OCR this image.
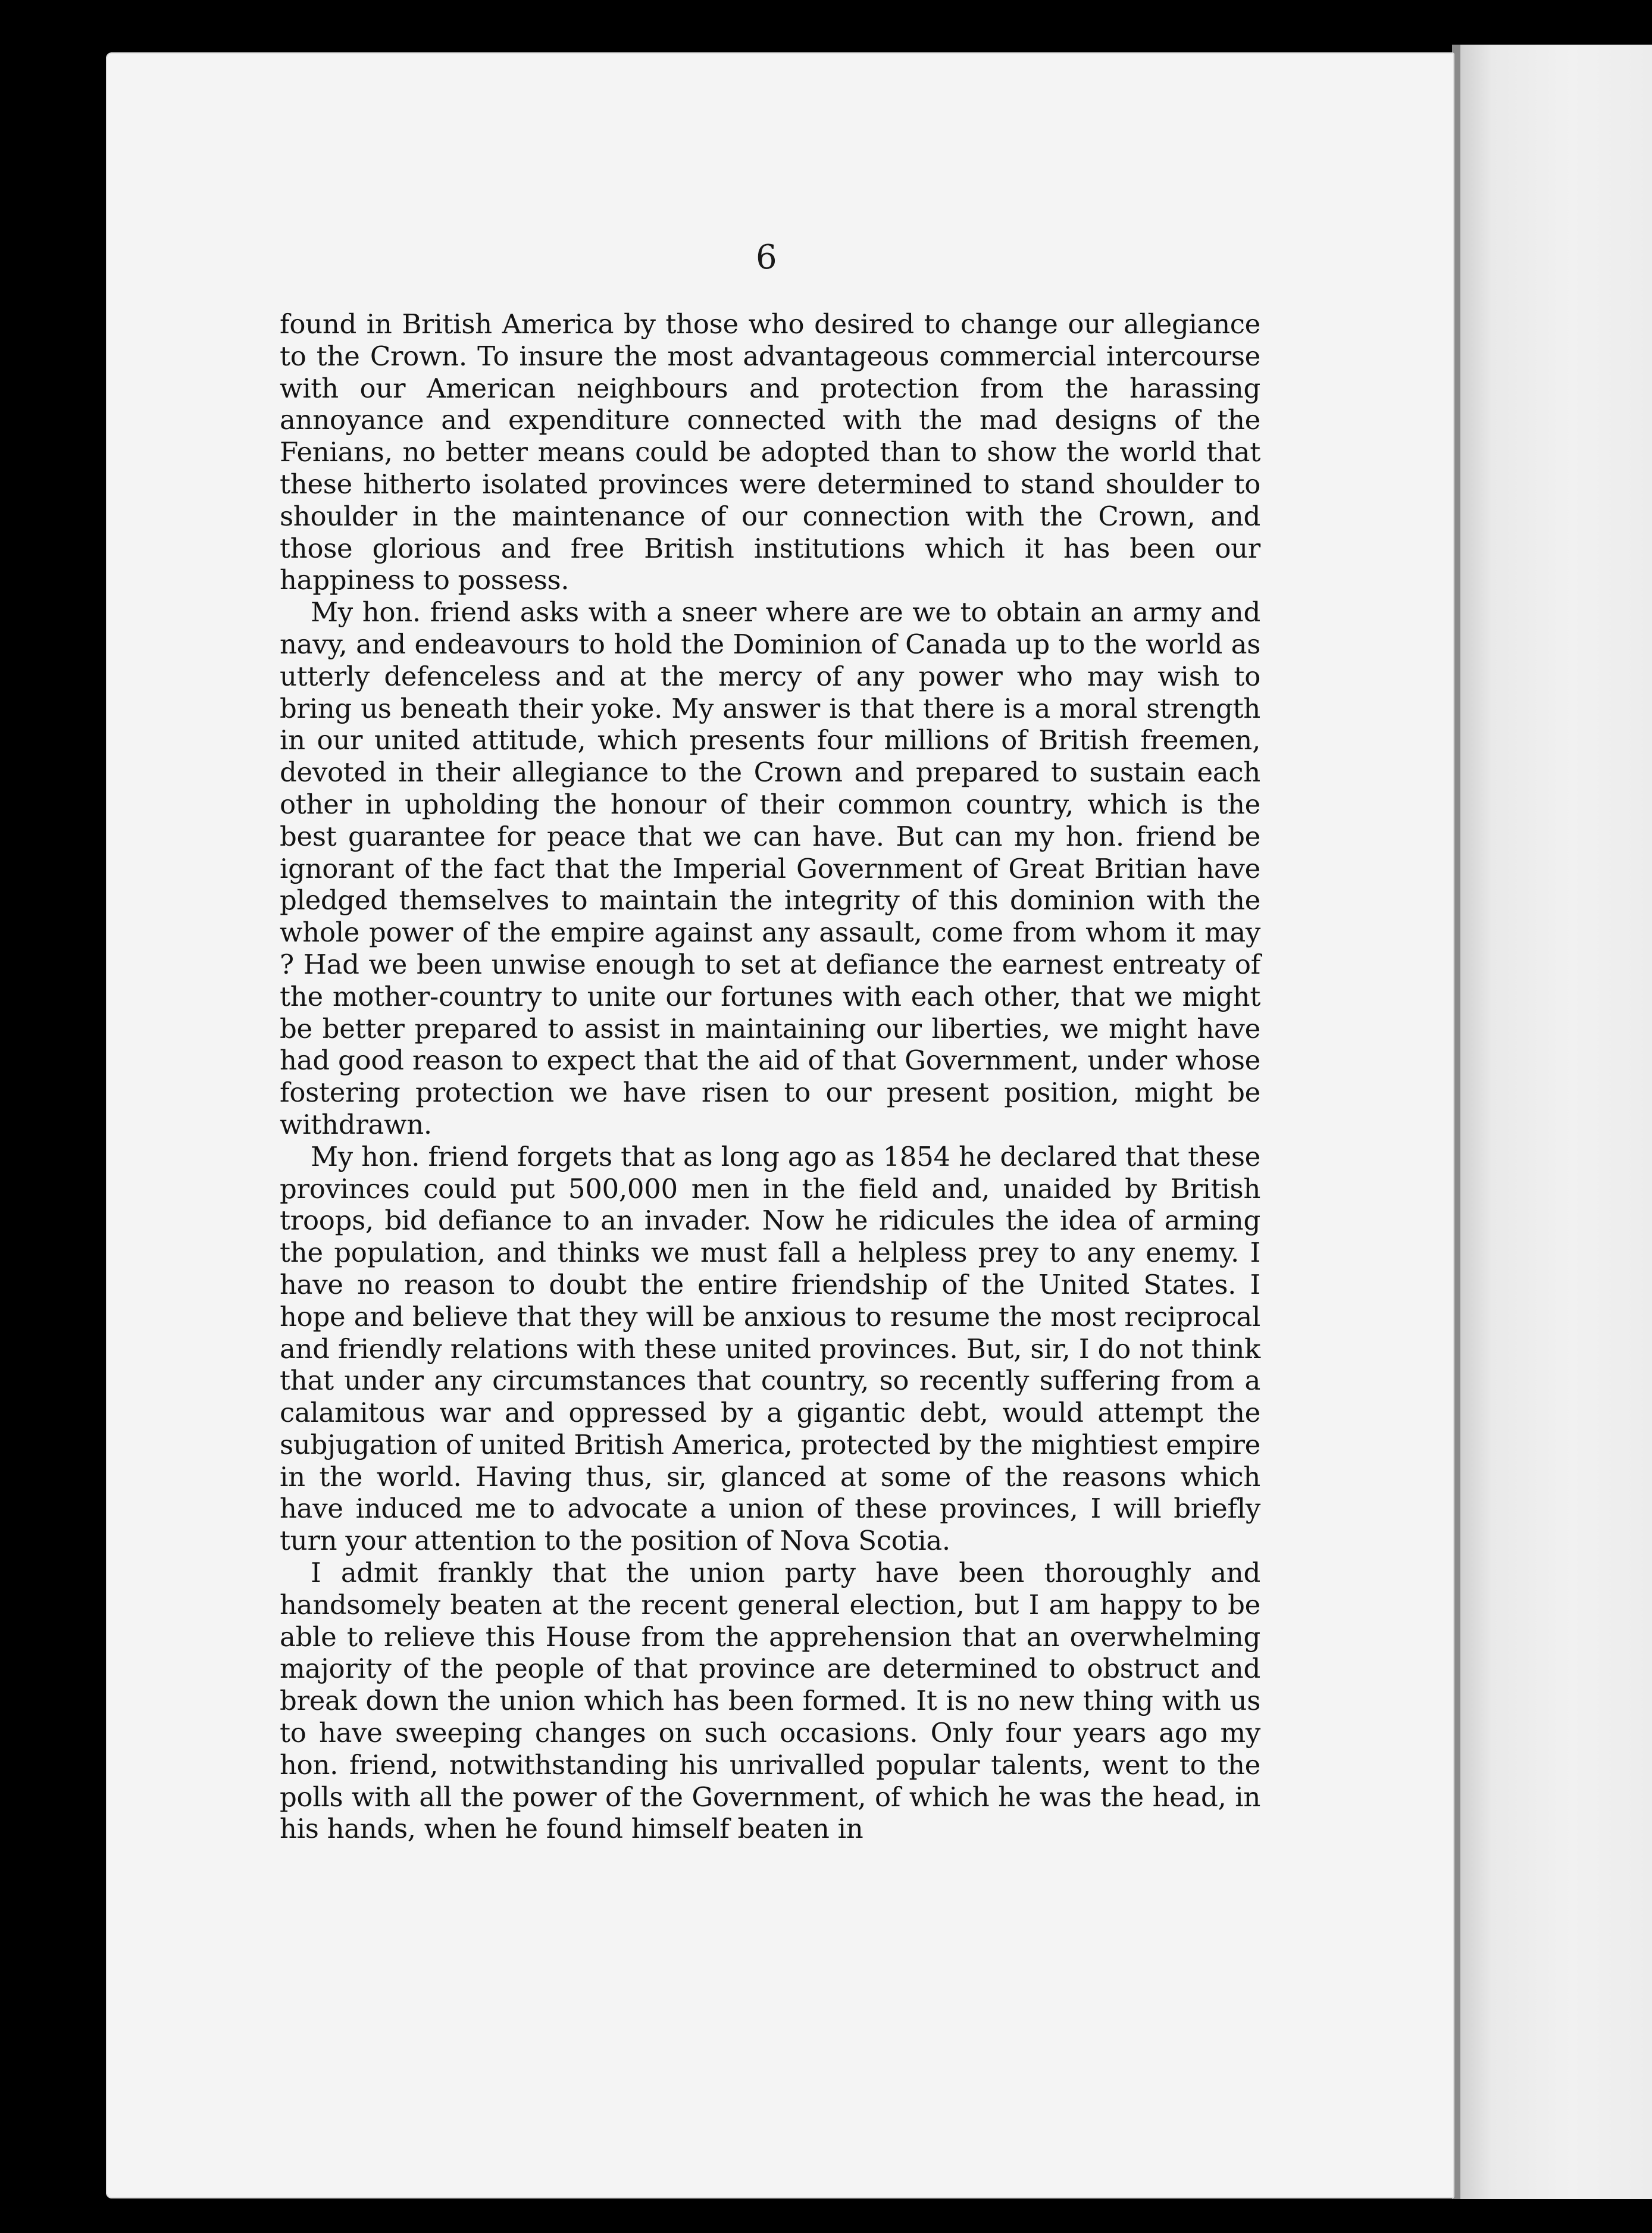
6

found in British America by those who desired to change our allegiance to the Crown. To insure the most advantageous commercial intercourse with our American neighbours and protection from the harassing annoyance and expenditure connected with the mad designs of the Fenians, no better means could be adopted than to show the world that these hitherto isolated provinces were determined to stand shoulder to shoulder in the maintenance of our connection with the Crown, and those glorious and free British institutions which it has been our happiness to possess.

My hon. friend asks with a sneer where are we to obtain an army and navy, and endeavours to hold the Dominion of Canada up to the world as utterly defenceless and at the mercy of any power who may wish to bring us beneath their yoke. My answer is that there is a moral strength in our united attitude, which presents four millions of British freemen, devoted in their allegiance to the Crown and prepared to sustain each other in upholding the honour of their common country, which is the best guarantee for peace that we can have. But can my hon. friend be ignorant of the fact that the Imperial Government of Great Britian have pledged themselves to maintain the integrity of this dominion with the whole power of the empire against any assault, come from whom it may ? Had we been unwise enough to set at defiance the earnest entreaty of the mother-country to unite our fortunes with each other, that we might be better prepared to assist in maintaining our liberties, we might have had good reason to expect that the aid of that Government, under whose fostering protection we have risen to our present position, might be withdrawn.

My hon. friend forgets that as long ago as 1854 he declared that these provinces could put 500,000 men in the field and, unaided by British troops, bid defiance to an invader. Now he ridicules the idea of arming the population, and thinks we must fall a helpless prey to any enemy. I have no reason to doubt the entire friendship of the United States. I hope and believe that they will be anxious to resume the most reciprocal and friendly relations with these united provinces. But, sir, I do not think that under any circumstances that country, so recently suffering from a calamitous war and oppressed by a gigantic debt, would attempt the subjugation of united British America, protected by the mightiest empire in the world. Having thus, sir, glanced at some of the reasons which have induced me to advocate a union of these provinces, I will briefly turn your attention to the position of Nova Scotia.

I admit frankly that the union party have been thoroughly and handsomely beaten at the recent general election, but I am happy to be able to relieve this House from the apprehension that an overwhelming majority of the people of that province are determined to obstruct and break down the union which has been formed. It is no new thing with us to have sweeping changes on such occasions. Only four years ago my hon. friend, notwithstanding his unrivalled popular talents, went to the polls with all the power of the Government, of which he was the head, in his hands, when he found himself beaten in
